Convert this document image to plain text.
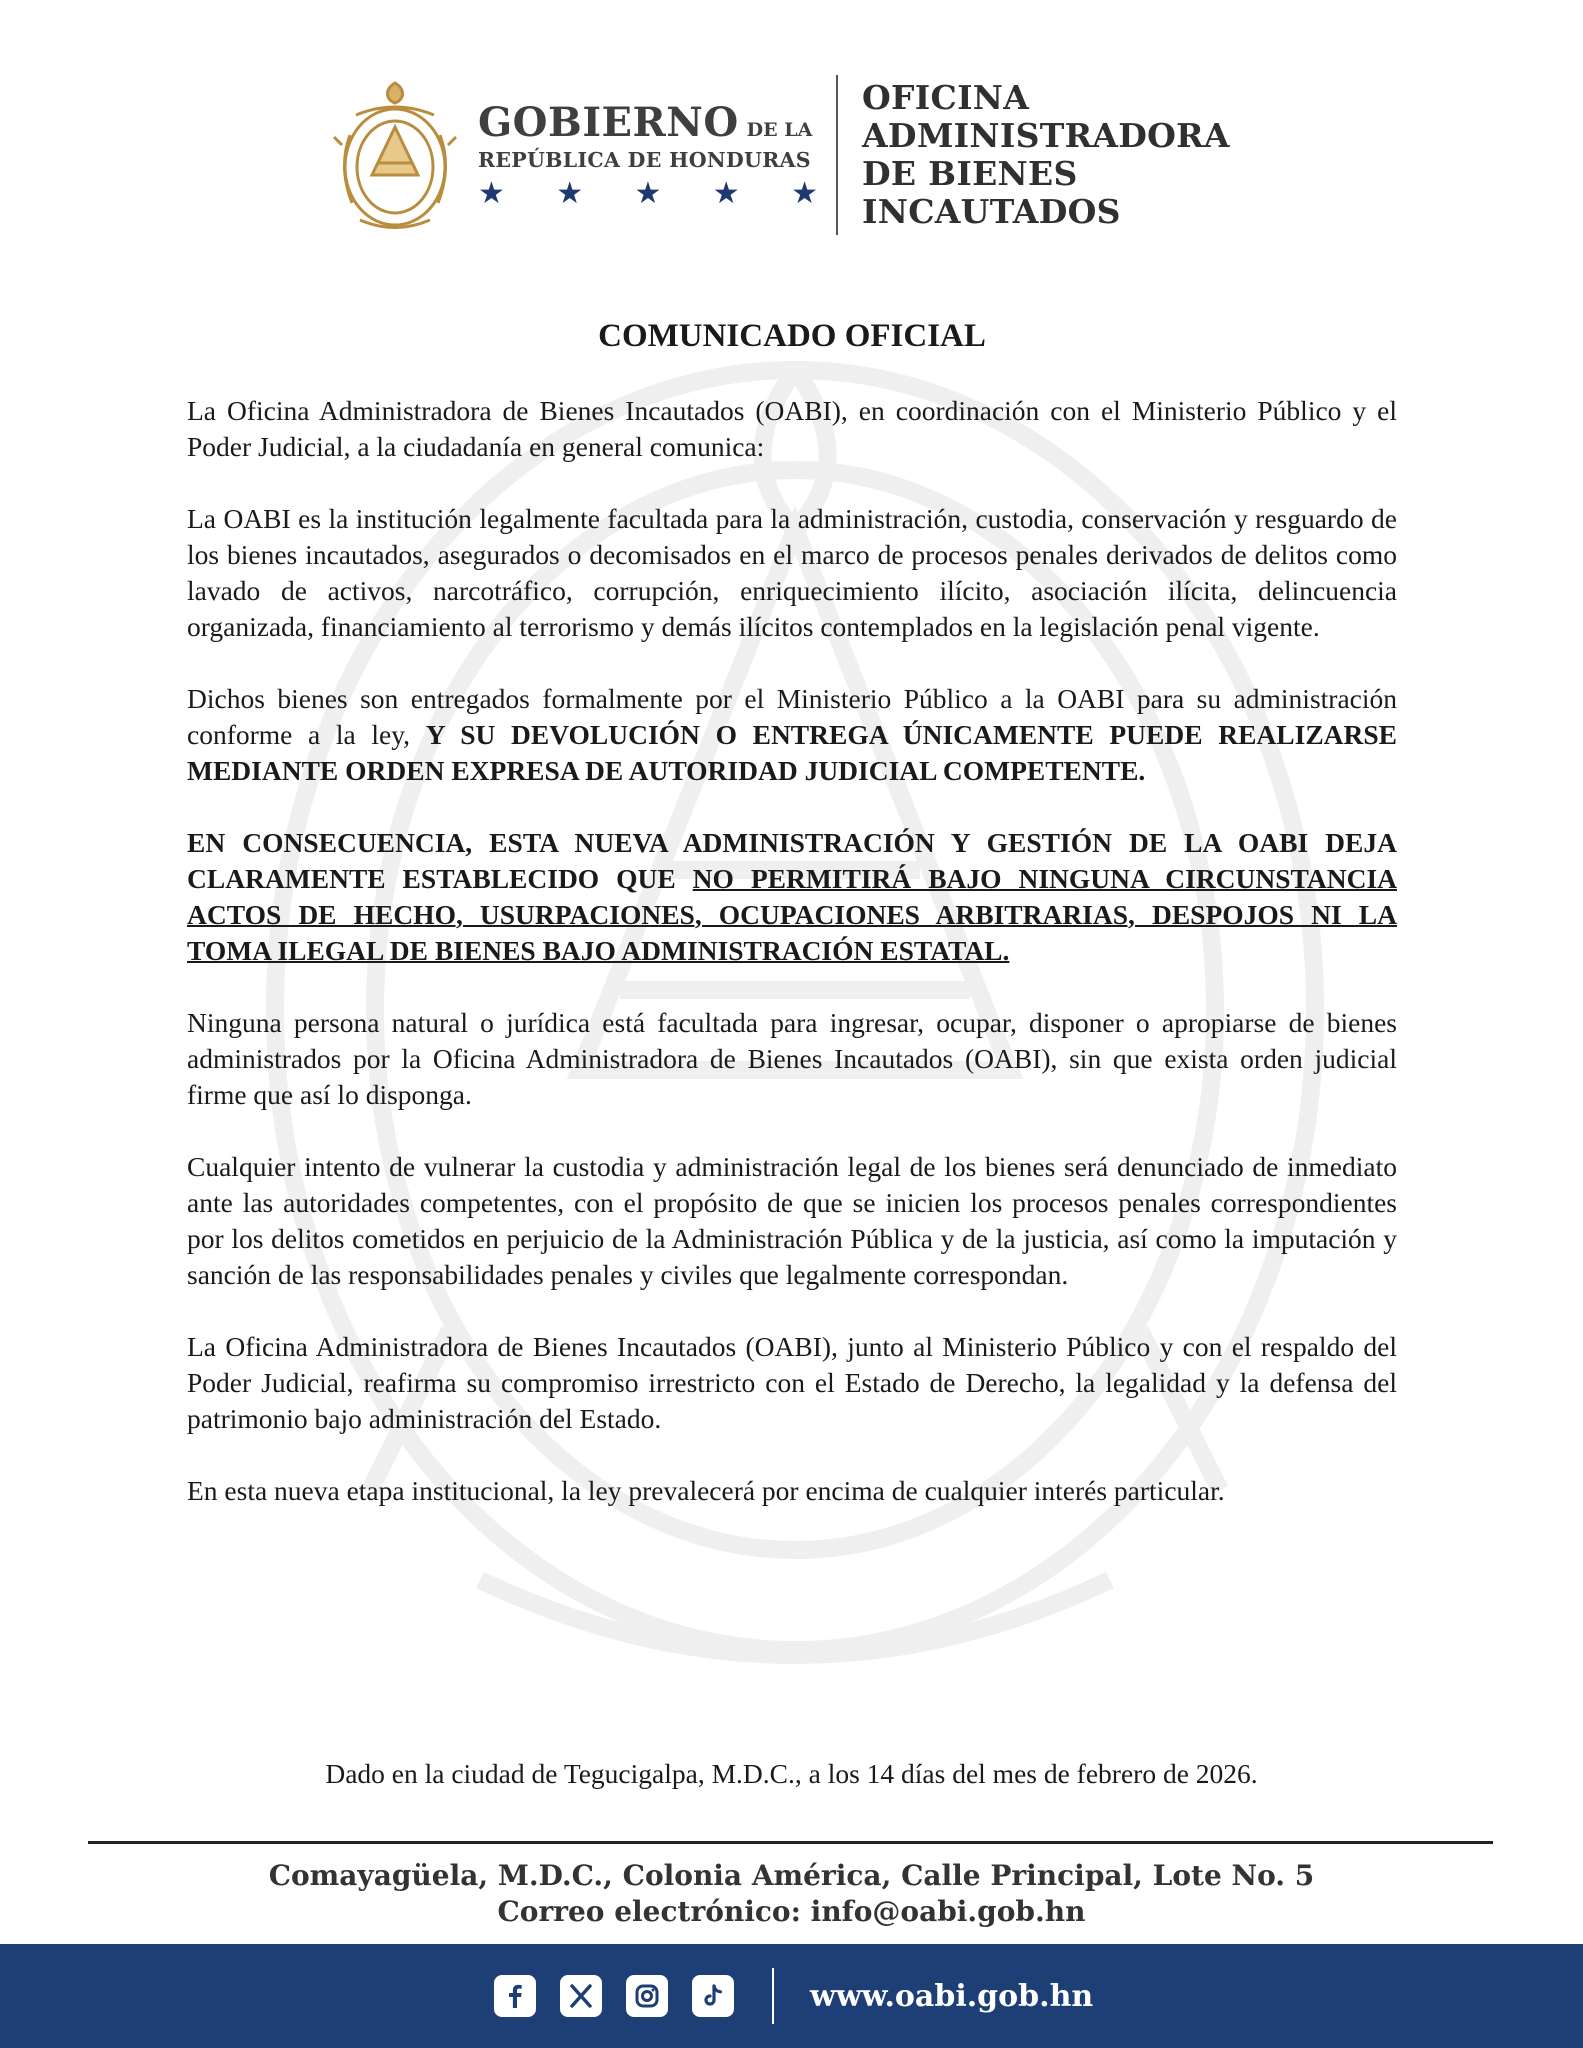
GOBIERNO DE LA
REPÚBLICA DE HONDURAS
★ ★ ★ ★ ★
OFICINA
ADMINISTRADORA
DE BIENES
INCAUTADOS
COMUNICADO OFICIAL

La Oficina Administradora de Bienes Incautados (OABI), en coordinación con el Ministerio Público y el Poder Judicial, a la ciudadanía en general comunica:

La OABI es la institución legalmente facultada para la administración, custodia, conservación y resguardo de los bienes incautados, asegurados o decomisados en el marco de procesos penales derivados de delitos como lavado de activos, narcotráfico, corrupción, enriquecimiento ilícito, asociación ilícita, delincuencia organizada, financiamiento al terrorismo y demás ilícitos contemplados en la legislación penal vigente.

Dichos bienes son entregados formalmente por el Ministerio Público a la OABI para su administración conforme a la ley, Y SU DEVOLUCIÓN O ENTREGA ÚNICAMENTE PUEDE REALIZARSE MEDIANTE ORDEN EXPRESA DE AUTORIDAD JUDICIAL COMPETENTE.

EN CONSECUENCIA, ESTA NUEVA ADMINISTRACIÓN Y GESTIÓN DE LA OABI DEJA CLARAMENTE ESTABLECIDO QUE NO PERMITIRÁ BAJO NINGUNA CIRCUNSTANCIA ACTOS DE HECHO, USURPACIONES, OCUPACIONES ARBITRARIAS, DESPOJOS NI LA TOMA ILEGAL DE BIENES BAJO ADMINISTRACIÓN ESTATAL.

Ninguna persona natural o jurídica está facultada para ingresar, ocupar, disponer o apropiarse de bienes administrados por la Oficina Administradora de Bienes Incautados (OABI), sin que exista orden judicial firme que así lo disponga.

Cualquier intento de vulnerar la custodia y administración legal de los bienes será denunciado de inmediato ante las autoridades competentes, con el propósito de que se inicien los procesos penales correspondientes por los delitos cometidos en perjuicio de la Administración Pública y de la justicia, así como la imputación y sanción de las responsabilidades penales y civiles que legalmente correspondan.

La Oficina Administradora de Bienes Incautados (OABI), junto al Ministerio Público y con el respaldo del Poder Judicial, reafirma su compromiso irrestricto con el Estado de Derecho, la legalidad y la defensa del patrimonio bajo administración del Estado.

En esta nueva etapa institucional, la ley prevalecerá por encima de cualquier interés particular.

Dado en la ciudad de Tegucigalpa, M.D.C., a los 14 días del mes de febrero de 2026.
Comayagüela, M.D.C., Colonia América, Calle Principal, Lote No. 5
Correo electrónico: info@oabi.gob.hn
www.oabi.gob.hn
